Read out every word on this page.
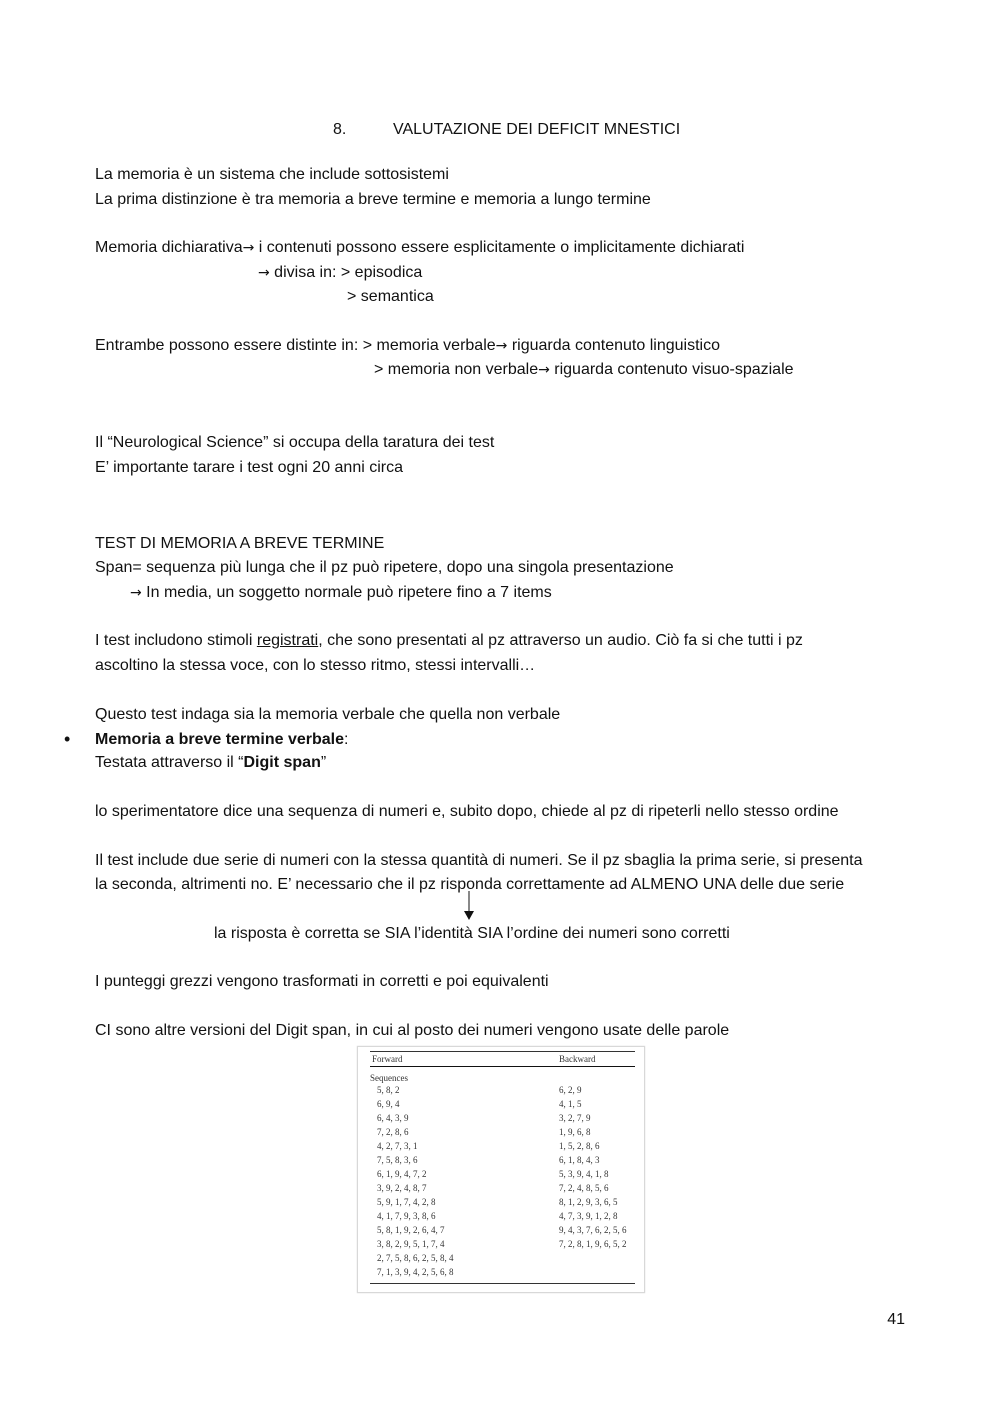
8.	VALUTAZIONE DEI DEFICIT MNESTICI
La memoria è un sistema che include sottosistemi
La prima distinzione è tra memoria a breve termine e memoria a lungo termine
Memoria dichiarativa→ i contenuti possono essere esplicitamente o implicitamente dichiarati
→ divisa in: > episodica
> semantica
Entrambe possono essere distinte in: > memoria verbale→ riguarda contenuto linguistico
> memoria non verbale→ riguarda contenuto visuo-spaziale
Il “Neurological Science” si occupa della taratura dei test
E’ importante tarare i test ogni 20 anni circa
TEST DI MEMORIA A BREVE TERMINE
Span= sequenza più lunga che il pz può ripetere, dopo una singola presentazione
→ In media, un soggetto normale può ripetere fino a 7 items
I test includono stimoli registrati, che sono presentati al pz attraverso un audio. Ciò fa si che tutti i pz
ascoltino la stessa voce, con lo stesso ritmo, stessi intervalli…
Questo test indaga sia la memoria verbale che quella non verbale
• Memoria a breve termine verbale:
Testata attraverso il “Digit span”
lo sperimentatore dice una sequenza di numeri e, subito dopo, chiede al pz di ripeterli nello stesso ordine
Il test include due serie di numeri con la stessa quantità di numeri. Se il pz sbaglia la prima serie, si presenta
la seconda, altrimenti no. E’ necessario che il pz risponda correttamente ad ALMENO UNA delle due serie
la risposta è corretta se SIA l’identità SIA l’ordine dei numeri sono corretti
I punteggi grezzi vengono trasformati in corretti e poi equivalenti
CI sono altre versioni del Digit span, in cui al posto dei numeri vengono usate delle parole
Forward	Backward
Sequences
5, 8, 2	6, 2, 9
6, 9, 4	4, 1, 5
6, 4, 3, 9	3, 2, 7, 9
7, 2, 8, 6	1, 9, 6, 8
4, 2, 7, 3, 1	1, 5, 2, 8, 6
7, 5, 8, 3, 6	6, 1, 8, 4, 3
6, 1, 9, 4, 7, 2	5, 3, 9, 4, 1, 8
3, 9, 2, 4, 8, 7	7, 2, 4, 8, 5, 6
5, 9, 1, 7, 4, 2, 8	8, 1, 2, 9, 3, 6, 5
4, 1, 7, 9, 3, 8, 6	4, 7, 3, 9, 1, 2, 8
5, 8, 1, 9, 2, 6, 4, 7	9, 4, 3, 7, 6, 2, 5, 6
3, 8, 2, 9, 5, 1, 7, 4	7, 2, 8, 1, 9, 6, 5, 2
2, 7, 5, 8, 6, 2, 5, 8, 4
7, 1, 3, 9, 4, 2, 5, 6, 8
41
